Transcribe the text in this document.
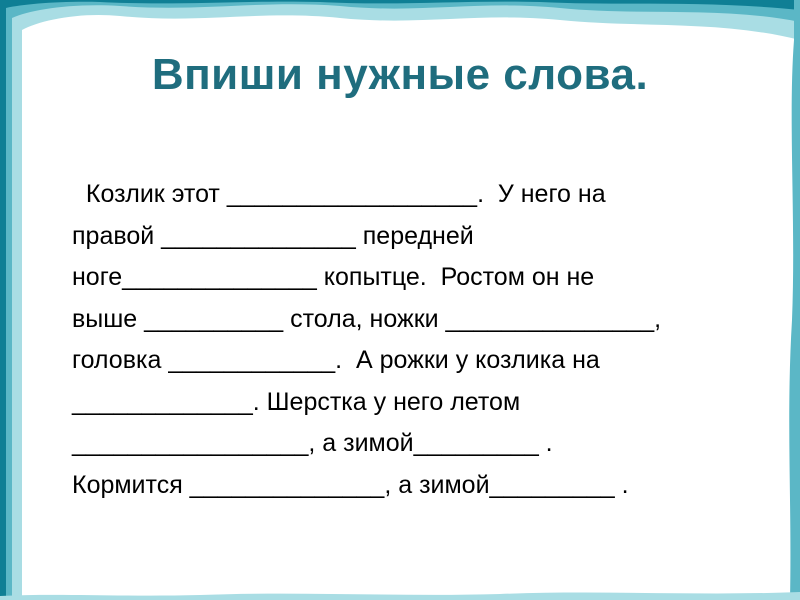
Впиши нужные слова.
Козлик этот __________________.  У него на
правой ______________ передней
ноге______________ копытце.  Ростом он не
выше __________ стола, ножки _______________,
головка ____________.  А рожки у козлика на
_____________. Шерстка у него летом
_________________, а зимой_________ .
Кормится ______________, а зимой_________ .
